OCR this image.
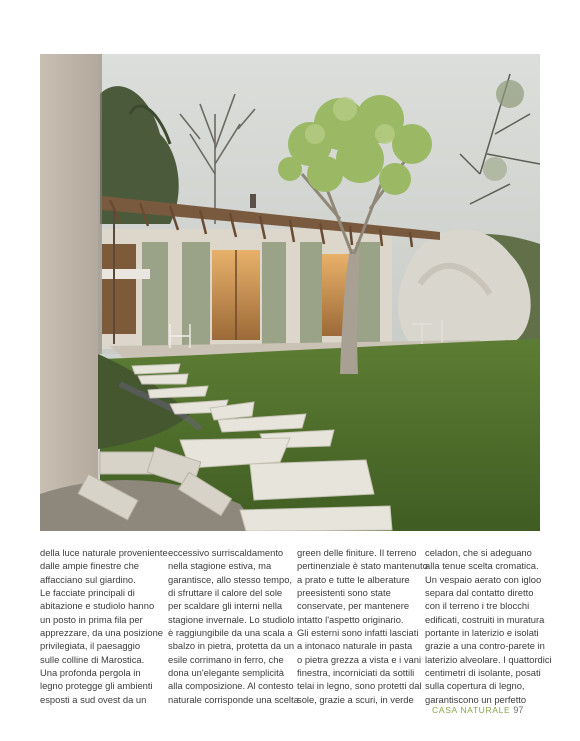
della luce naturale proveniente

dalle ampie finestre che

affacciano sul giardino.

Le facciate principali di

abitazione e studiolo hanno

un posto in prima fila per

apprezzare, da una posizione

privilegiata, il paesaggio

sulle colline di Marostica.

Una profonda pergola in

legno protegge gli ambienti

esposti a sud ovest da un

eccessivo surriscaldamento

nella stagione estiva, ma

garantisce, allo stesso tempo,

di sfruttare il calore del sole

per scaldare gli interni nella

stagione invernale. Lo studiolo

è raggiungibile da una scala a

sbalzo in pietra, protetta da un

esile corrimano in ferro, che

dona un'elegante semplicità

alla composizione. Al contesto

naturale corrisponde una scelta

green delle finiture. Il terreno

pertinenziale è stato mantenuto

a prato e tutte le alberature

preesistenti sono state

conservate, per mantenere

intatto l'aspetto originario.

Gli esterni sono infatti lasciati

a intonaco naturale in pasta

o pietra grezza a vista e i vani

finestra, incorniciati da sottili

telai in legno, sono protetti dal

sole, grazie a scuri, in verde

celadon, che si adeguano

alla tenue scelta cromatica.

Un vespaio aerato con igloo

separa dal contatto diretto

con il terreno i tre blocchi

edificati, costruiti in muratura

portante in laterizio e isolati

grazie a una contro-parete in

laterizio alveolare. I quattordici

centimetri di isolante, posati

sulla copertura di legno,

garantiscono un perfetto

CASA NATURALE 97
